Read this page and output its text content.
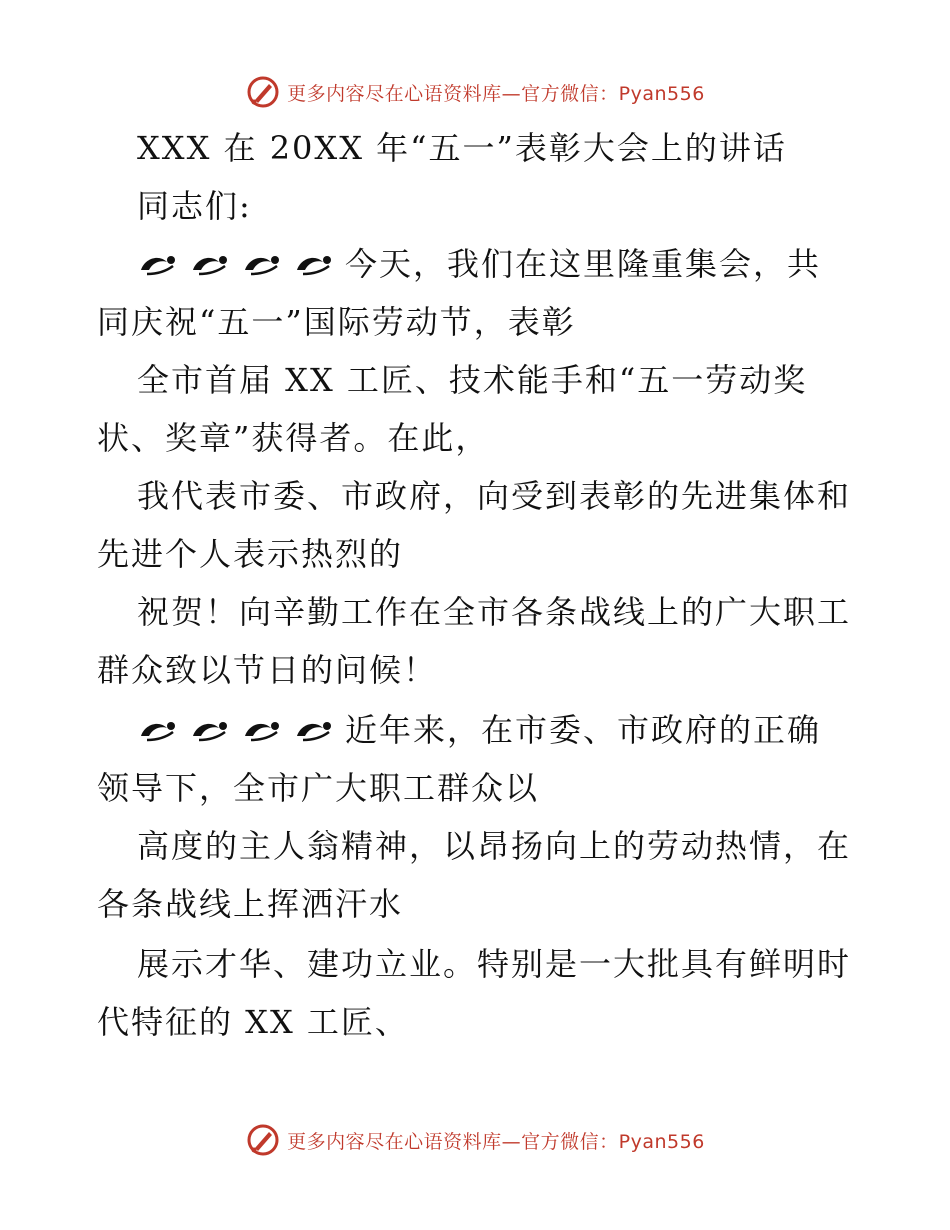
更多内容尽在心语资料库—官方微信：Pyan556
XXX 在 20XX 年“五一”表彰大会上的讲话
同志们:
今天，我们在这里隆重集会，共
同庆祝“五一”国际劳动节，表彰
全市首届 XX 工匠、技术能手和“五一劳动奖
状、奖章”获得者。在此，
我代表市委、市政府，向受到表彰的先进集体和
先进个人表示热烈的
祝贺！向辛勤工作在全市各条战线上的广大职工
群众致以节日的问候！
近年来，在市委、市政府的正确
领导下，全市广大职工群众以
高度的主人翁精神，以昂扬向上的劳动热情，在
各条战线上挥洒汗水
展示才华、建功立业。特别是一大批具有鲜明时
代特征的 XX 工匠、
更多内容尽在心语资料库—官方微信：Pyan556
